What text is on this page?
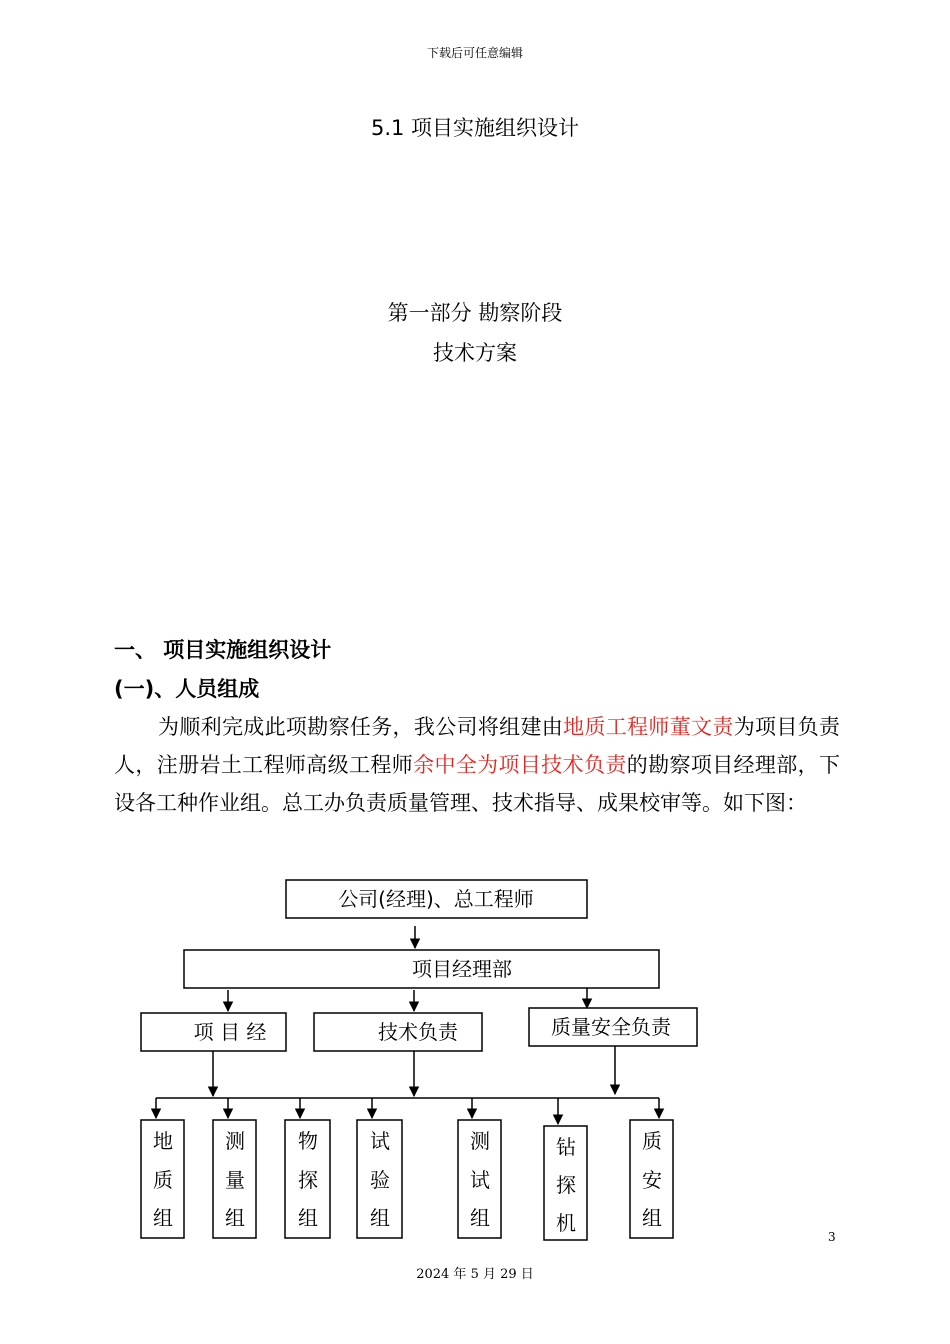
下载后可任意编辑
5.1 项目实施组织设计
第一部分 勘察阶段
技术方案
一、 项目实施组织设计
(一)、人员组成
为顺利完成此项勘察任务，我公司将组建由地质工程师董文责为项目负责人，注册岩土工程师高级工程师余中全为项目技术负责的勘察项目经理部，下设各工种作业组。总工办负责质量管理、技术指导、成果校审等。如下图：
公司(经理)、总工程师
项目经理部
项 目 经	技术负责	质量安全负责
地
质
组
测
量
组
物
探
组
试
验
组
测
试
组
钻
探
机
质
安
组
3
2024 年 5 月 29 日
